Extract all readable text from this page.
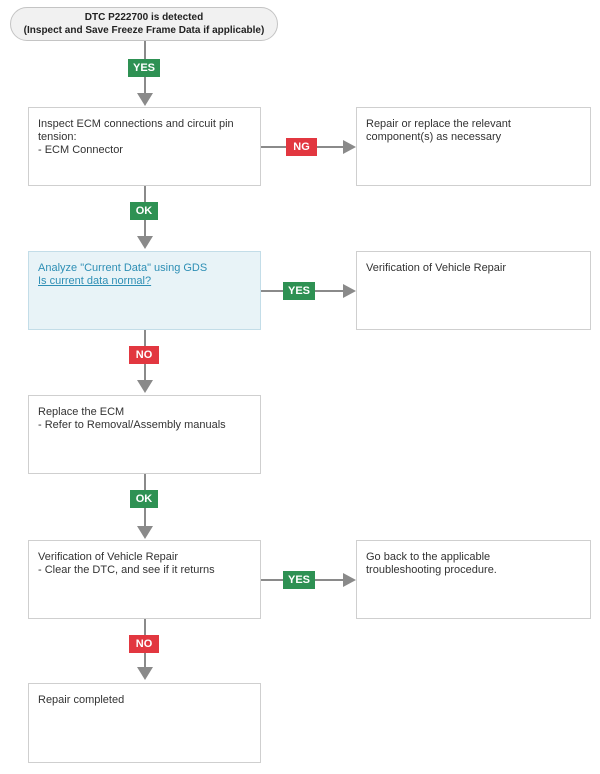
DTC P222700 is detected
(Inspect and Save Freeze Frame Data if applicable)
YES
Inspect ECM connections and circuit pin
tension:
- ECM Connector	NG
Repair or replace the relevant
component(s) as necessary
OK
Analyze "Current Data" using GDS
Is current data normal?
YES
Verification of Vehicle Repair
NO
Replace the ECM
- Refer to Removal/Assembly manuals
OK
Verification of Vehicle Repair
- Clear the DTC, and see if it returns
YES
Go back to the applicable
troubleshooting procedure.
NO
Repair completed
